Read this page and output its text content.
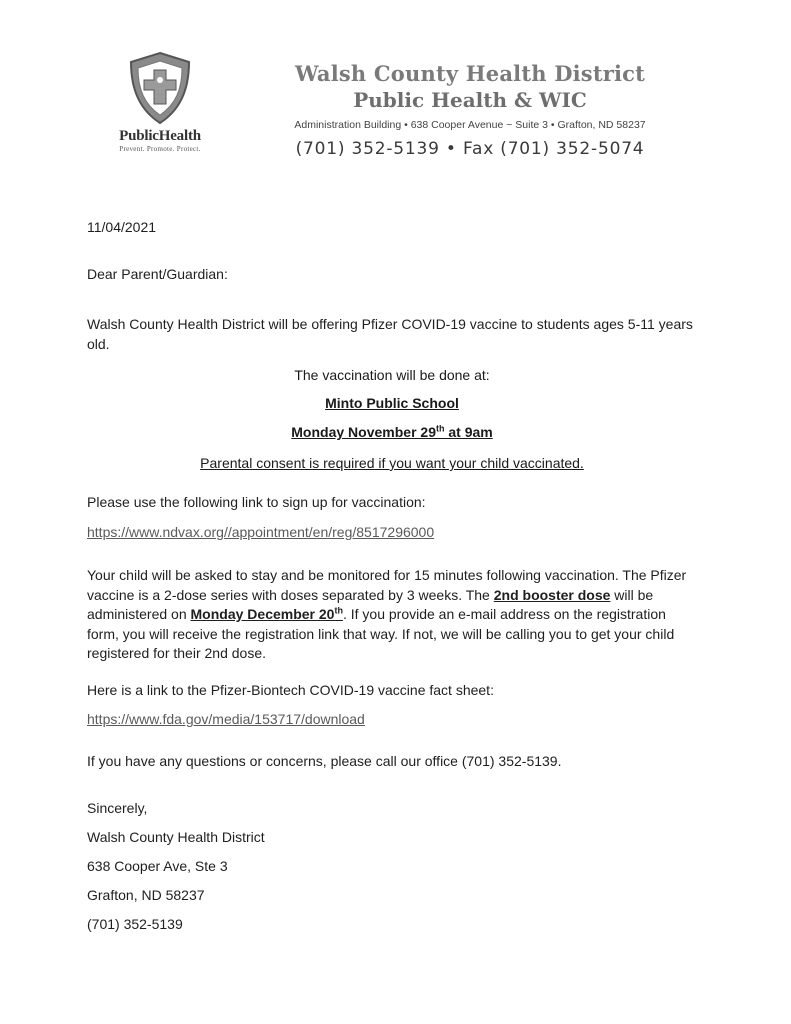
PublicHealth
Prevent. Promote. Protect.
Walsh County Health District
Public Health & WIC
Administration Building • 638 Cooper Avenue ~ Suite 3 • Grafton, ND 58237
(701) 352-5139 • Fax (701) 352-5074
11/04/2021
Dear Parent/Guardian:
Walsh County Health District will be offering Pfizer COVID-19 vaccine to students ages 5-11 years old.
The vaccination will be done at:
Minto Public School
Monday November 29th at 9am
Parental consent is required if you want your child vaccinated.
Please use the following link to sign up for vaccination:
https://www.ndvax.org//appointment/en/reg/8517296000
Your child will be asked to stay and be monitored for 15 minutes following vaccination. The Pfizer vaccine is a 2-dose series with doses separated by 3 weeks. The 2nd booster dose will be administered on Monday December 20th. If you provide an e-mail address on the registration form, you will receive the registration link that way. If not, we will be calling you to get your child registered for their 2nd dose.
Here is a link to the Pfizer-Biontech COVID-19 vaccine fact sheet:
https://www.fda.gov/media/153717/download
If you have any questions or concerns, please call our office (701) 352-5139.
Sincerely,
Walsh County Health District
638 Cooper Ave, Ste 3
Grafton, ND 58237
(701) 352-5139
